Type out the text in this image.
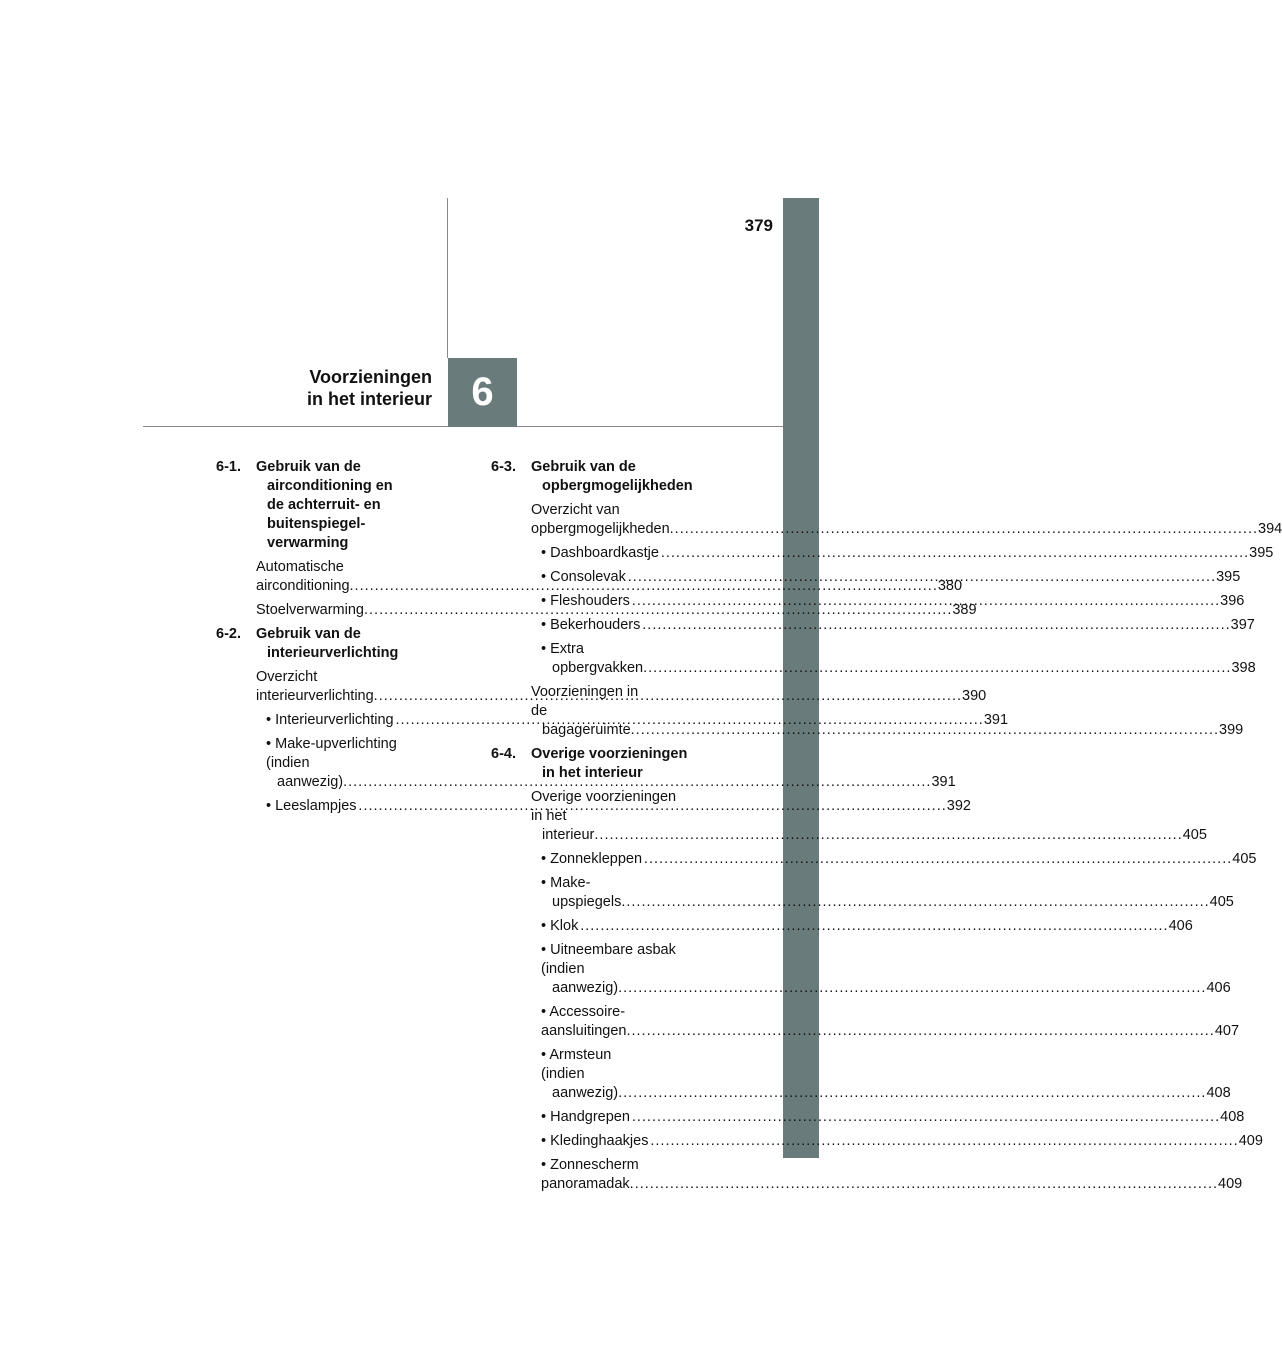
379
6
Voorzieningen
in het interieur
6-1. Gebruik van de
airconditioning en
de achterruit- en
buitenspiegel-
verwarming
Automatische
airconditioning .....	380
Stoelverwarming .....	389
6-2. Gebruik van de
interieurverlichting
Overzicht
interieurverlichting .....	390
• Interieurverlichting .....	391
• Make-upverlichting
(indien aanwezig) .....	391
• Leeslampjes .....	392
6-3. Gebruik van de
opbergmogelijkheden
Overzicht van
opbergmogelijkheden .....	394
• Dashboardkastje .....	395
• Consolevak .....	395
• Fleshouders .....	396
• Bekerhouders .....	397
• Extra opbergvakken .....	398
Voorzieningen in
de bagageruimte .....	399
6-4. Overige voorzieningen
in het interieur
Overige voorzieningen
in het interieur .....	405
• Zonnekleppen .....	405
• Make-upspiegels .....	405
• Klok .....	406
• Uitneembare asbak
(indien aanwezig) .....	406
• Accessoire-
aansluitingen .....	407
• Armsteun
(indien aanwezig) .....	408
• Handgrepen .....	408
• Kledinghaakjes .....	409
• Zonnescherm
panoramadak .....	409
